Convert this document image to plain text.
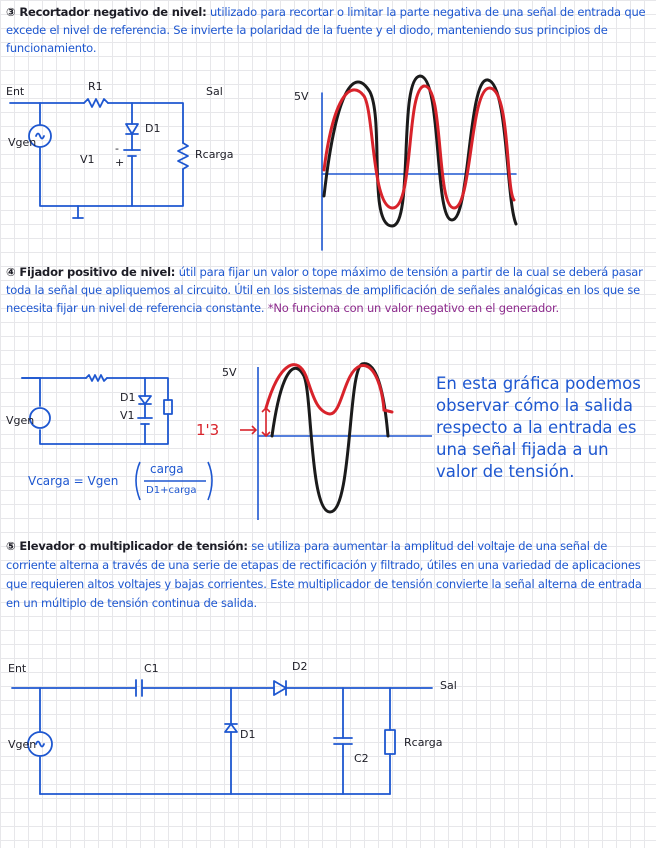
③ Recortador negativo de nivel: utilizado para recortar o limitar la parte negativa de una señal de entrada que excede el nivel de referencia. Se invierte la polaridad de la fuente y el diodo, manteniendo sus principios de funcionamiento.
④ Fijador positivo de nivel: útil para fijar un valor o tope máximo de tensión a partir de la cual se deberá pasar toda la señal que apliquemos al circuito. Útil en los sistemas de amplificación de señales analógicas en los que se necesita fijar un nivel de referencia constante. *No funciona con un valor negativo en el generador.
⑤ Elevador o multiplicador de tensión: se utiliza para aumentar la amplitud del voltaje de una señal de corriente alterna a través de una serie de etapas de rectificación y filtrado, útiles en una variedad de aplicaciones que requieren altos voltajes y bajas corrientes. Este multiplicador de tensión convierte la señal alterna de entrada en un múltiplo de tensión continua de salida.
Ent	R1	Sal
Vgen
D1
V1
-
+
Rcarga
5V
Vgen
D1
V1
Vcarga = Vgen
carga
D1+carga
5V
1'3
En esta gráfica podemos observar cómo la salida respecto a la entrada es una señal fijada a un valor de tensión.
Ent	C1	D2
Sal
D1
C2
Vgen	Rcarga
